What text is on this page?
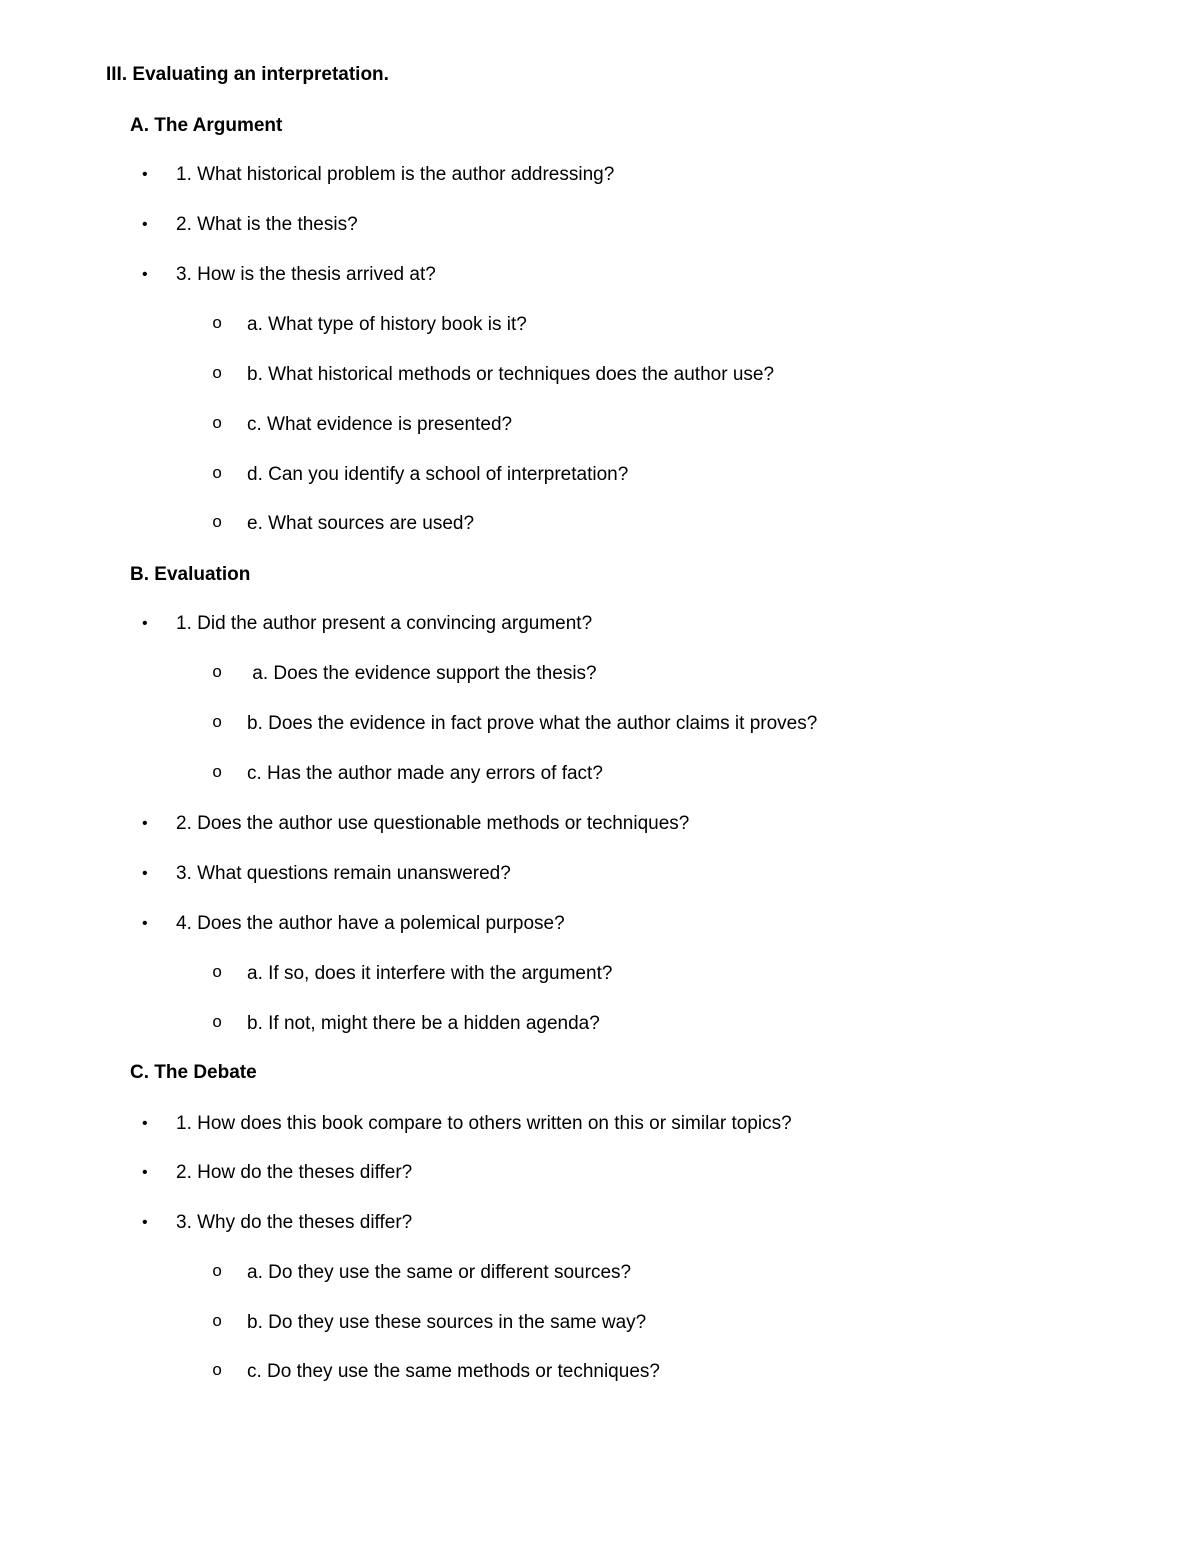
III. Evaluating an interpretation.
A. The Argument
• 1. What historical problem is the author addressing?
• 2. What is the thesis?
• 3. How is the thesis arrived at?
o a. What type of history book is it?
o b. What historical methods or techniques does the author use?
o c. What evidence is presented?
o d. Can you identify a school of interpretation?
o e. What sources are used?
B. Evaluation
• 1. Did the author present a convincing argument?
o a. Does the evidence support the thesis?
o b. Does the evidence in fact prove what the author claims it proves?
o c. Has the author made any errors of fact?
• 2. Does the author use questionable methods or techniques?
• 3. What questions remain unanswered?
• 4. Does the author have a polemical purpose?
o a. If so, does it interfere with the argument?
o b. If not, might there be a hidden agenda?
C. The Debate
• 1. How does this book compare to others written on this or similar topics?
• 2. How do the theses differ?
• 3. Why do the theses differ?
o a. Do they use the same or different sources?
o b. Do they use these sources in the same way?
o c. Do they use the same methods or techniques?
